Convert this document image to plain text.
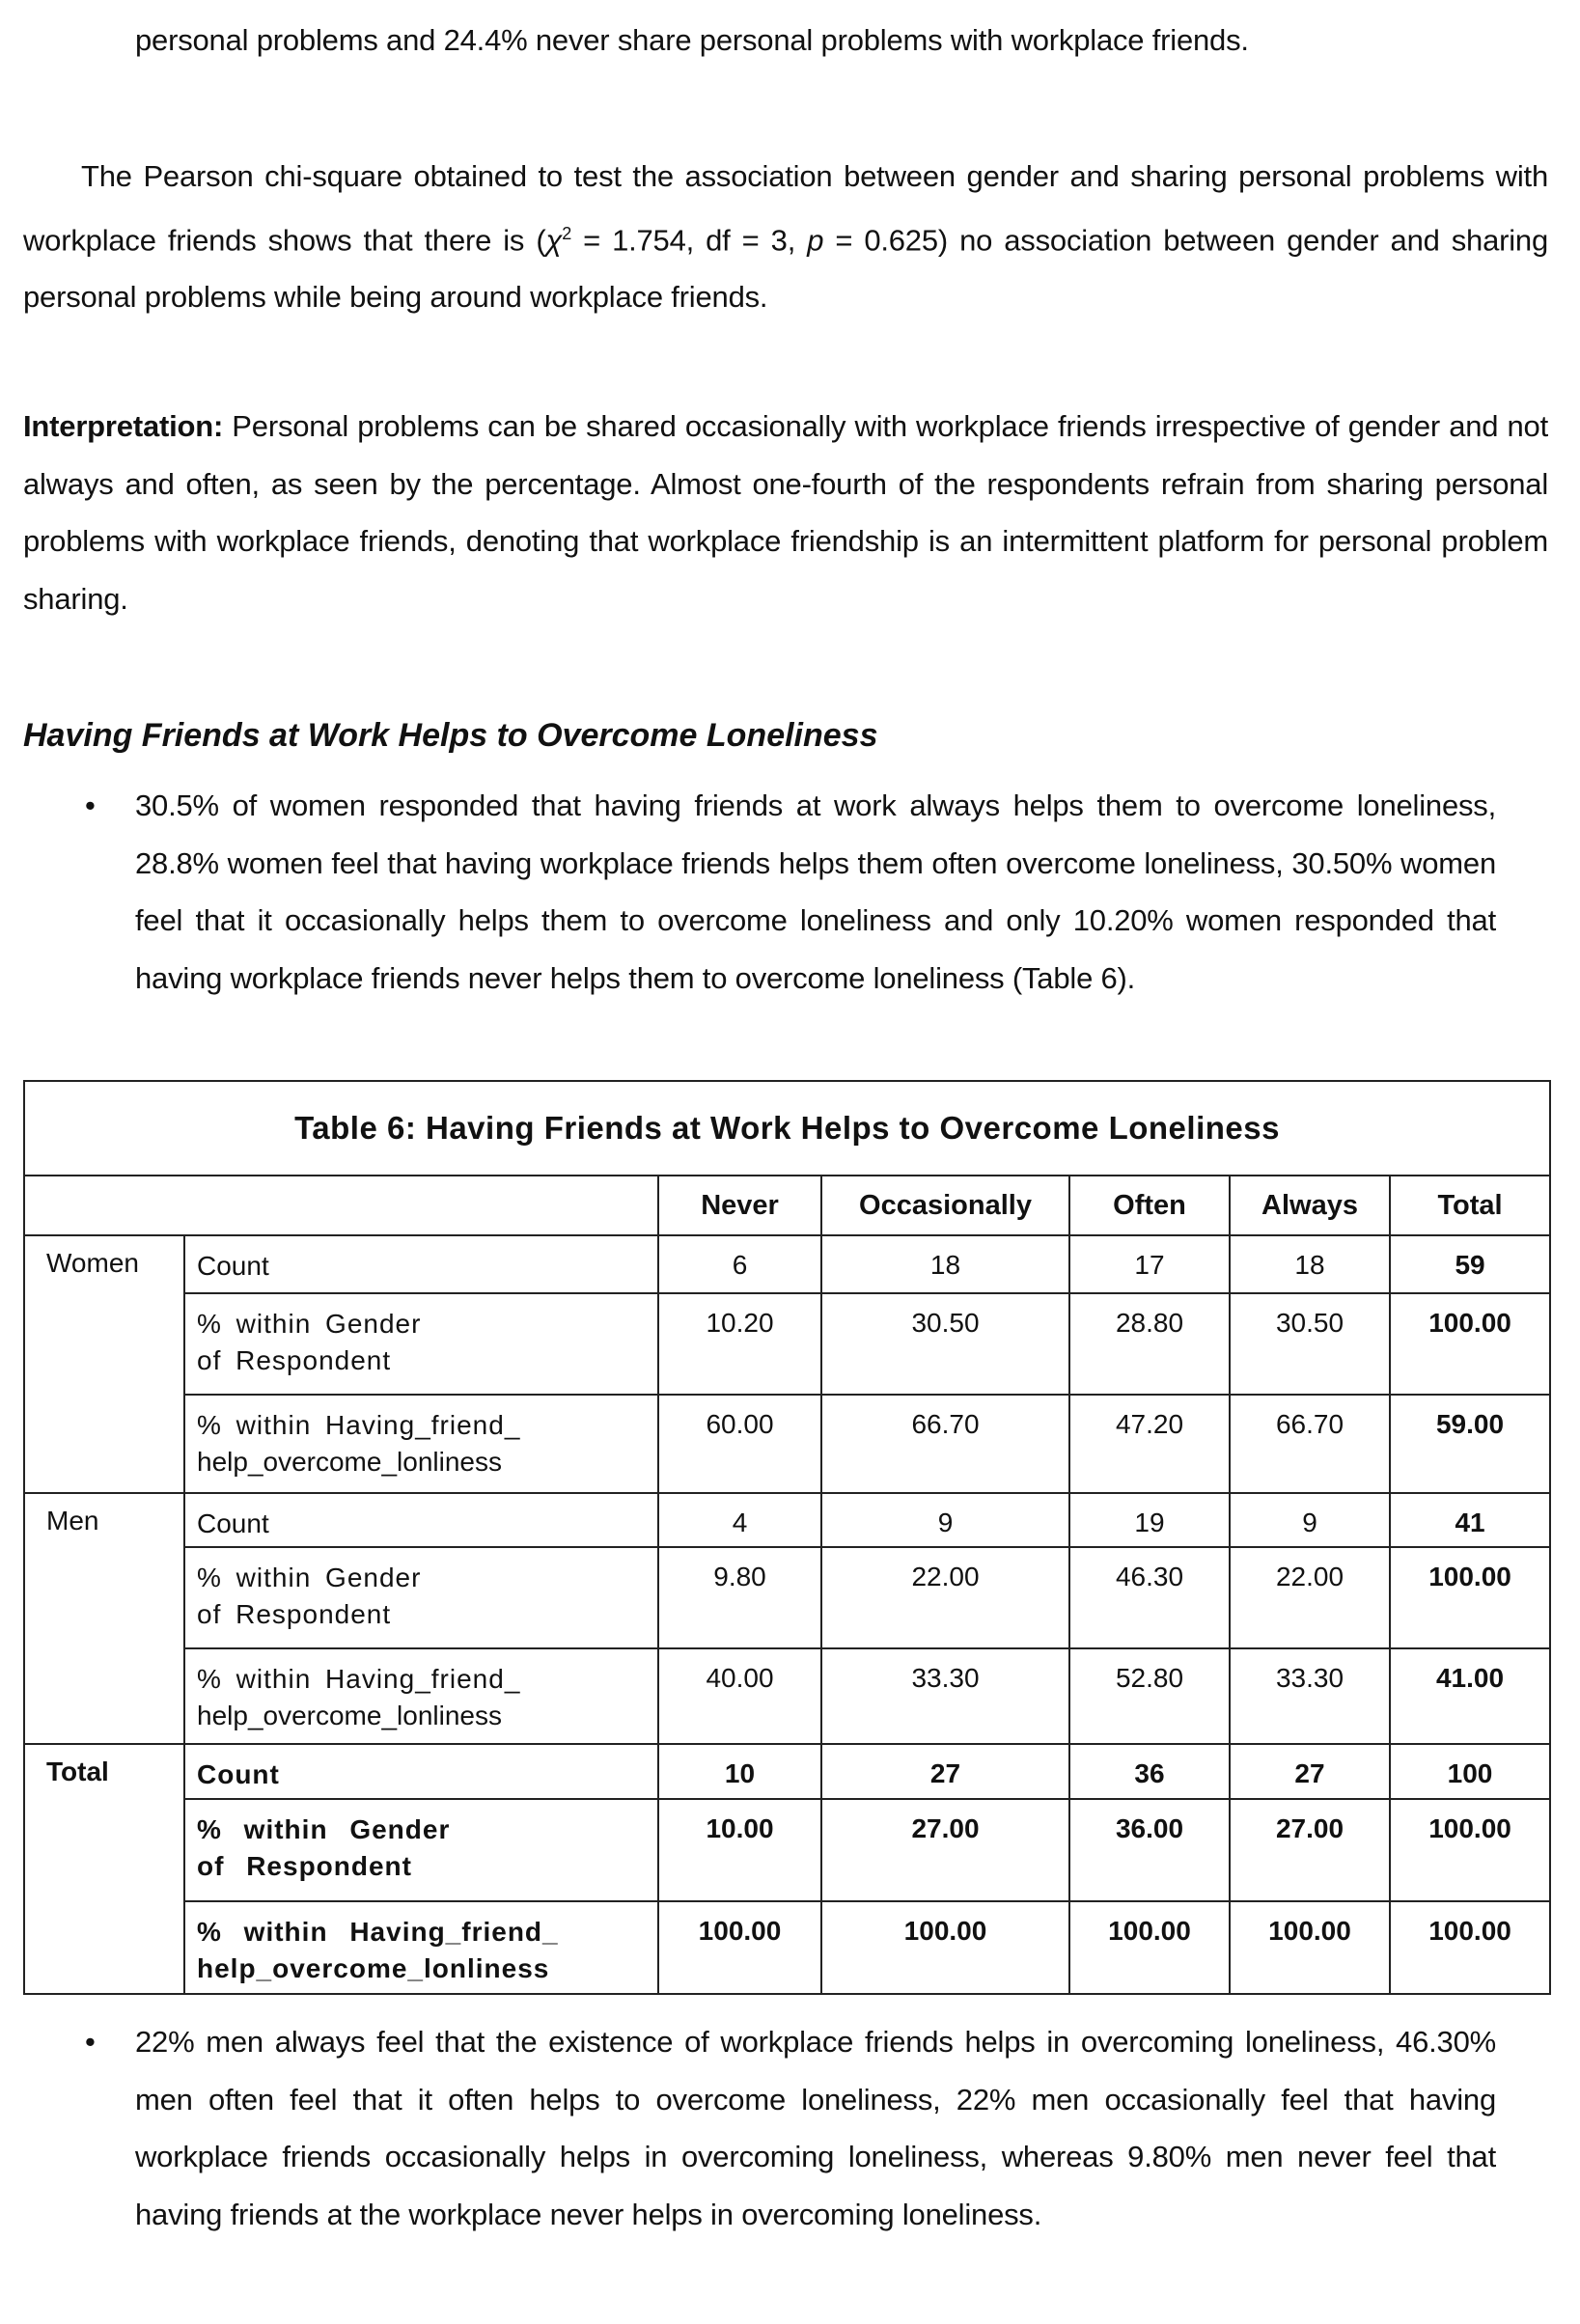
personal problems and 24.4% never share personal problems with workplace friends.
The Pearson chi-square obtained to test the association between gender and sharing personal problems with workplace friends shows that there is ($\chi^2 = 1.754$, df = 3, p = 0.625) no association between gender and sharing personal problems while being around workplace friends.
Interpretation: Personal problems can be shared occasionally with workplace friends irrespective of gender and not always and often, as seen by the percentage. Almost one-fourth of the respondents refrain from sharing personal problems with workplace friends, denoting that workplace friendship is an intermittent platform for personal problem sharing.
Having Friends at Work Helps to Overcome Loneliness
• 30.5% of women responded that having friends at work always helps them to overcome loneliness, 28.8% women feel that having workplace friends helps them often overcome loneliness, 30.50% women feel that it occasionally helps them to overcome loneliness and only 10.20% women responded that having workplace friends never helps them to overcome loneliness (Table 6).
Table 6: Having Friends at Work Helps to Overcome Loneliness						
		Never	Occasionally	Often	Always	Total
Women	Count	6	18	17	18	59
	% within Gender
of Respondent	10.20	30.50	28.80	30.50	100.00
	% within Having_friend_
help_overcome_lonliness	60.00	66.70	47.20	66.70	59.00
Men	Count	4	9	19	9	41
	% within Gender
of Respondent	9.80	22.00	46.30	22.00	100.00
	% within Having_friend_
help_overcome_lonliness	40.00	33.30	52.80	33.30	41.00
Total	Count	10	27	36	27	100
	% within Gender
of Respondent	10.00	27.00	36.00	27.00	100.00
	% within Having_friend_
help_overcome_lonliness	100.00	100.00	100.00	100.00	100.00
• 22% men always feel that the existence of workplace friends helps in overcoming loneliness, 46.30% men often feel that it often helps to overcome loneliness, 22% men occasionally feel that having workplace friends occasionally helps in overcoming loneliness, whereas 9.80% men never feel that having friends at the workplace never helps in overcoming loneliness.
